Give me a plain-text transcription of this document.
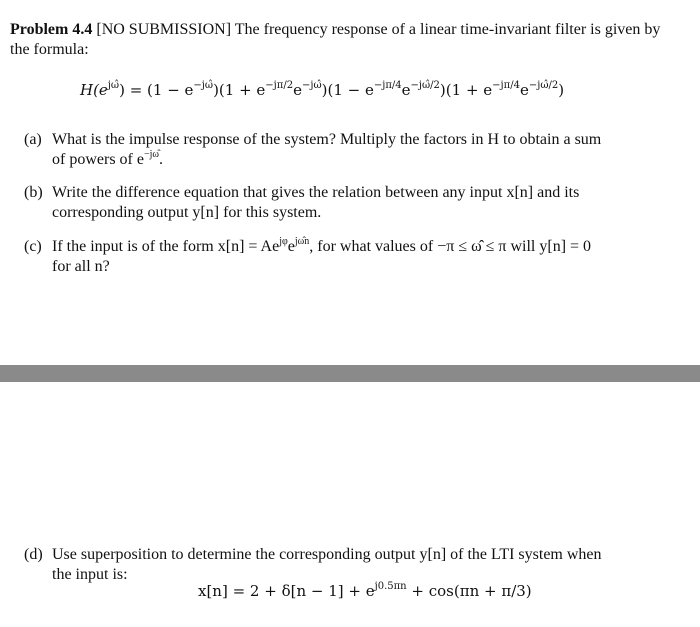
Problem 4.4 [NO SUBMISSION] The frequency response of a linear time-invariant filter is given by the formula:
$H(e^{j\omegâ}) = (1 - e^{-j\omegâ})(1 + e^{-j\pi/2}e^{-j\omegâ})(1 - e^{-j\pi/4}e^{-j\omegâ/2})(1 + e^{-j\pi/4}e^{-j\omegâ/2})$
(a) What is the impulse response of the system? Multiply the factors in H to obtain a sum
of powers of $e^{-j\omegâ}$.
(b) Write the difference equation that gives the relation between any input x[n] and its
corresponding output y[n] for this system.
(c) If the input is of the form $x[n] = Ae^{j\varphi}e^{j\omegân}$, for what values of −π ≤ ω̂ ≤ π will y[n] = 0
for all n?
(d) Use superposition to determine the corresponding output y[n] of the LTI system when
the input is:
$x[n] = 2 + \delta[n - 1] + e^{j0.5\pi n} + \cos(\pi n + \pi/3)$
